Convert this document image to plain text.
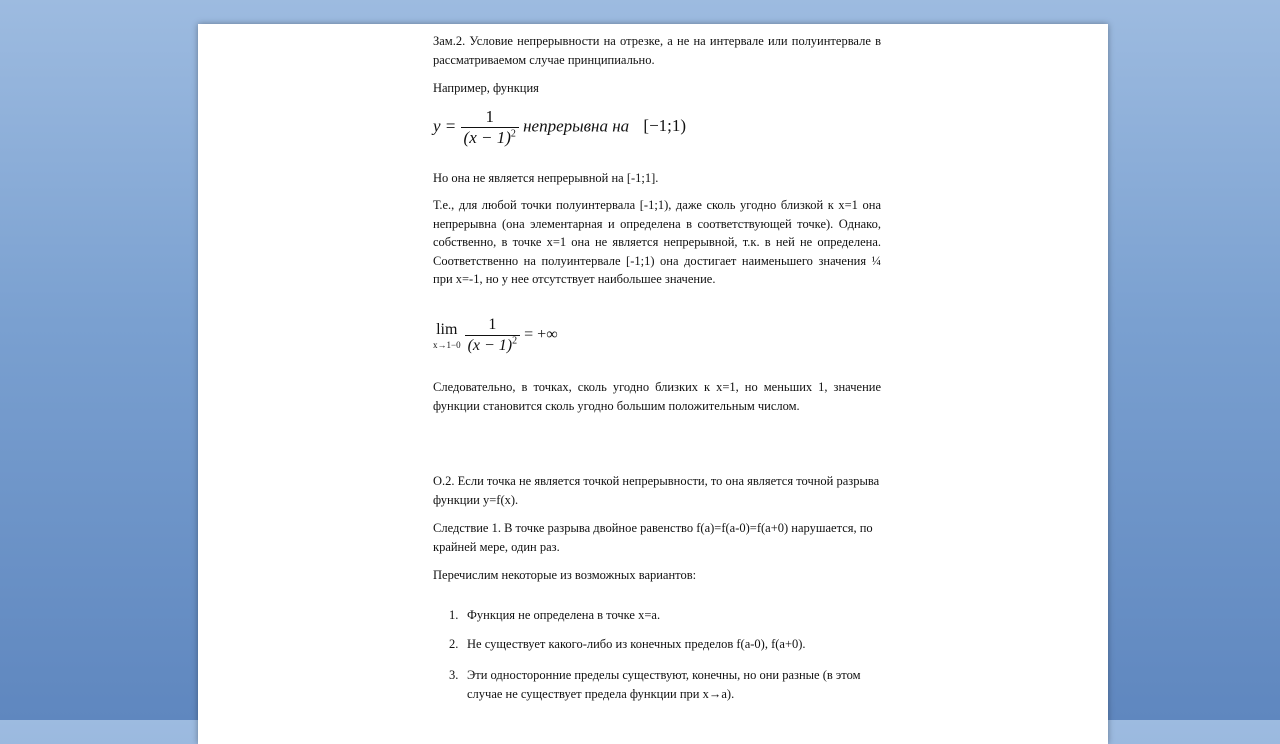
Зам.2. Условие непрерывности на отрезке, а не на интервале или полуинтервале в рассматриваемом случае принципиально.

Например, функция

$y = \frac{1}{(x - 1)^2}$ непрерывна на [−1;1)

Но она не является непрерывной на [-1;1].

Т.е., для любой точки полуинтервала [-1;1), даже сколь угодно близкой к x=1 она непрерывна (она элементарная и определена в соответствующей точке). Однако, собственно, в точке x=1 она не является непрерывной, т.к. в ней не определена. Соответственно на полуинтервале [-1;1) она достигает наименьшего значения ¼ при x=-1, но у нее отсутствует наибольшее значение.

lim
x→1−0
$\frac{1}{(x - 1)^2}$ = +∞

Следовательно, в точках, сколь угодно близких к x=1, но меньших 1, значение функции становится сколь угодно большим положительным числом.

О.2. Если точка не является точкой непрерывности, то она является точной разрыва функции y=f(x).

Следствие 1. В точке разрыва двойное равенство f(a)=f(a-0)=f(a+0) нарушается, по крайней мере, один раз.

Перечислим некоторые из возможных вариантов:

1. Функция не определена в точке x=a.
2. Не существует какого-либо из конечных пределов f(a-0), f(a+0).
3. Эти односторонние пределы существуют, конечны, но они разные (в этом случае не существует предела функции при x→a).
